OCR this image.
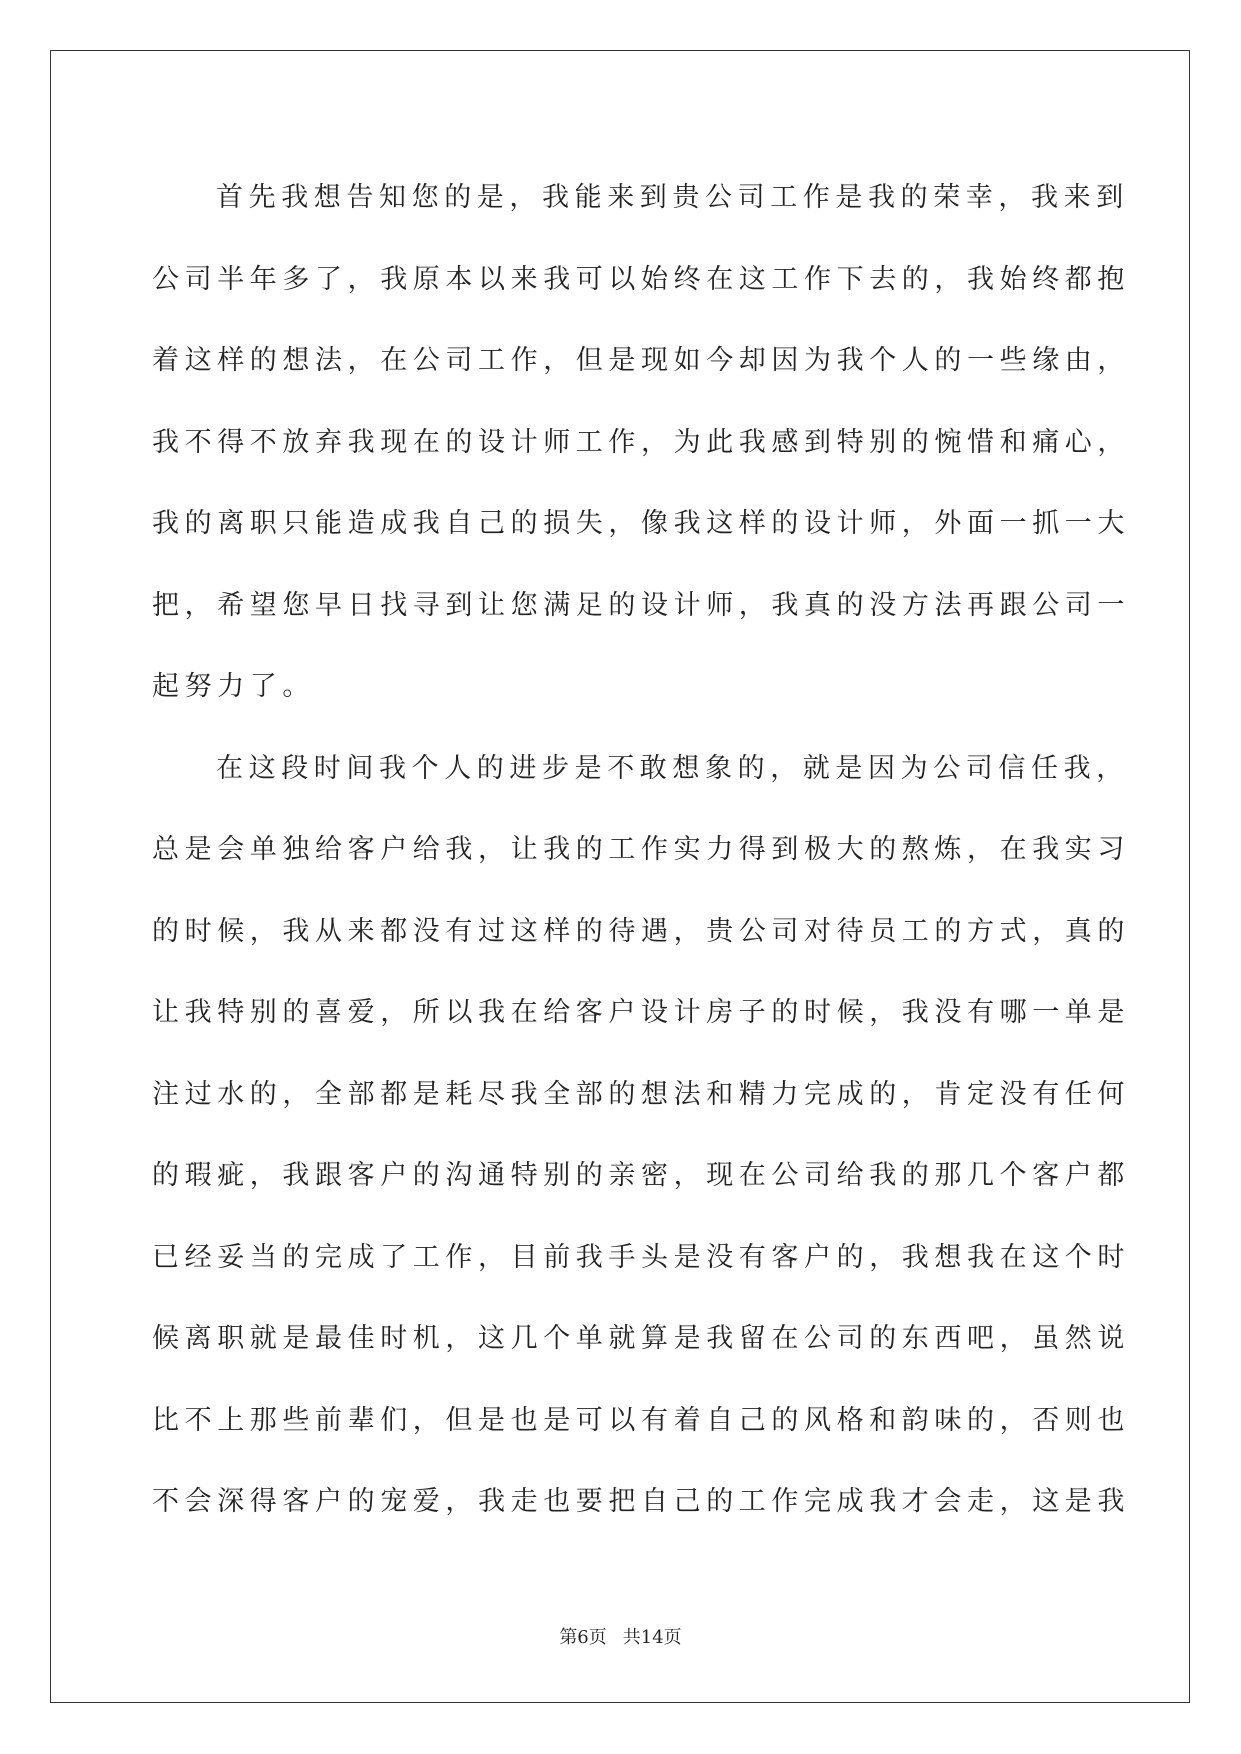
首先我想告知您的是，我能来到贵公司工作是我的荣幸，我来到
公司半年多了，我原本以来我可以始终在这工作下去的，我始终都抱
着这样的想法，在公司工作，但是现如今却因为我个人的一些缘由，
我不得不放弃我现在的设计师工作，为此我感到特别的惋惜和痛心，
我的离职只能造成我自己的损失，像我这样的设计师，外面一抓一大
把，希望您早日找寻到让您满足的设计师，我真的没方法再跟公司一
起努力了。
在这段时间我个人的进步是不敢想象的，就是因为公司信任我，
总是会单独给客户给我，让我的工作实力得到极大的熬炼，在我实习
的时候，我从来都没有过这样的待遇，贵公司对待员工的方式，真的
让我特别的喜爱，所以我在给客户设计房子的时候，我没有哪一单是
注过水的，全部都是耗尽我全部的想法和精力完成的，肯定没有任何
的瑕疵，我跟客户的沟通特别的亲密，现在公司给我的那几个客户都
已经妥当的完成了工作，目前我手头是没有客户的，我想我在这个时
候离职就是最佳时机，这几个单就算是我留在公司的东西吧，虽然说
比不上那些前辈们，但是也是可以有着自己的风格和韵味的，否则也
不会深得客户的宠爱，我走也要把自己的工作完成我才会走，这是我
第6页 共14页
